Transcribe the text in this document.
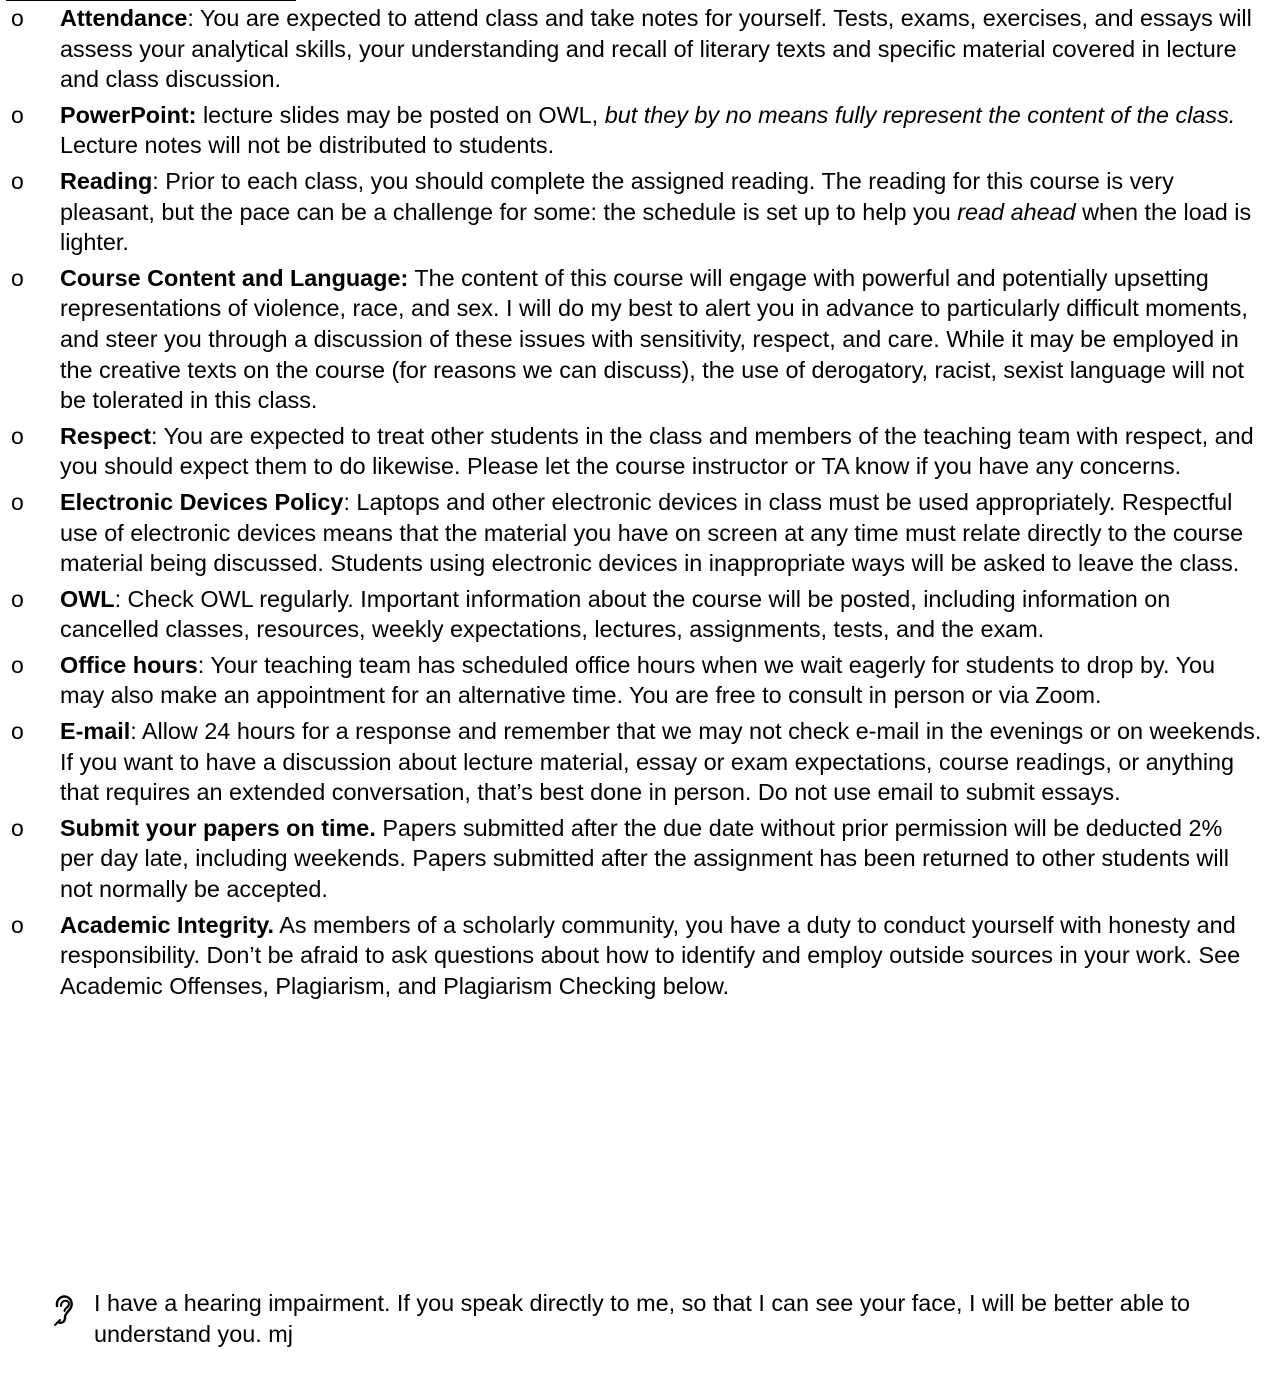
o Attendance: You are expected to attend class and take notes for yourself. Tests, exams, exercises, and essays will assess your analytical skills, your understanding and recall of literary texts and specific material covered in lecture and class discussion.
o PowerPoint: lecture slides may be posted on OWL, but they by no means fully represent the content of the class. Lecture notes will not be distributed to students.
o Reading: Prior to each class, you should complete the assigned reading. The reading for this course is very pleasant, but the pace can be a challenge for some: the schedule is set up to help you read ahead when the load is lighter.
o Course Content and Language: The content of this course will engage with powerful and potentially upsetting representations of violence, race, and sex. I will do my best to alert you in advance to particularly difficult moments, and steer you through a discussion of these issues with sensitivity, respect, and care. While it may be employed in the creative texts on the course (for reasons we can discuss), the use of derogatory, racist, sexist language will not be tolerated in this class.
o Respect: You are expected to treat other students in the class and members of the teaching team with respect, and you should expect them to do likewise. Please let the course instructor or TA know if you have any concerns.
o Electronic Devices Policy: Laptops and other electronic devices in class must be used appropriately. Respectful use of electronic devices means that the material you have on screen at any time must relate directly to the course material being discussed. Students using electronic devices in inappropriate ways will be asked to leave the class.
o OWL: Check OWL regularly. Important information about the course will be posted, including information on cancelled classes, resources, weekly expectations, lectures, assignments, tests, and the exam.
o Office hours: Your teaching team has scheduled office hours when we wait eagerly for students to drop by. You may also make an appointment for an alternative time. You are free to consult in person or via Zoom.
o E-mail: Allow 24 hours for a response and remember that we may not check e-mail in the evenings or on weekends. If you want to have a discussion about lecture material, essay or exam expectations, course readings, or anything that requires an extended conversation, that’s best done in person. Do not use email to submit essays.
o Submit your papers on time. Papers submitted after the due date without prior permission will be deducted 2% per day late, including weekends. Papers submitted after the assignment has been returned to other students will not normally be accepted.
o Academic Integrity. As members of a scholarly community, you have a duty to conduct yourself with honesty and responsibility. Don’t be afraid to ask questions about how to identify and employ outside sources in your work. See Academic Offenses, Plagiarism, and Plagiarism Checking below.
I have a hearing impairment. If you speak directly to me, so that I can see your face, I will be better able to understand you. mj
